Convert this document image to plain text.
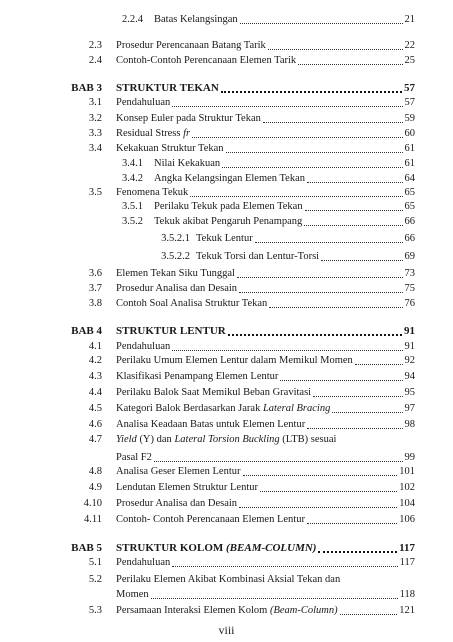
2.2.4 Batas Kelangsingan	21
2.3 Prosedur Perencanaan Batang Tarik	22
2.4 Contoh-Contoh Perencanaan Elemen Tarik	25
BAB 3 STRUKTUR TEKAN	57
3.1 Pendahuluan	57
3.2 Konsep Euler pada Struktur Tekan	59
3.3 Residual Stress fr	60
3.4 Kekakuan Struktur Tekan	61
3.4.1 Nilai Kekakuan	61
3.4.2 Angka Kelangsingan Elemen Tekan	64
3.5 Fenomena Tekuk	65
3.5.1 Perilaku Tekuk pada Elemen Tekan	65
3.5.2 Tekuk akibat Pengaruh Penampang	66
3.5.2.1 Tekuk Lentur	66
3.5.2.2 Tekuk Torsi dan Lentur-Torsi	69
3.6 Elemen Tekan Siku Tunggal	73
3.7 Prosedur Analisa dan Desain	75
3.8 Contoh Soal Analisa Struktur Tekan	76
BAB 4 STRUKTUR LENTUR	91
4.1 Pendahuluan	91
4.2 Perilaku Umum Elemen Lentur dalam Memikul Momen	92
4.3 Klasifikasi Penampang Elemen Lentur	94
4.4 Perilaku Balok Saat Memikul Beban Gravitasi	95
4.5 Kategori Balok Berdasarkan Jarak Lateral Bracing	97
4.6 Analisa Keadaan Batas untuk Elemen Lentur	98
4.7 Yield (Y) dan Lateral Torsion Buckling (LTB) sesuai
Pasal F2	99
4.8 Analisa Geser Elemen Lentur	101
4.9 Lendutan Elemen Struktur Lentur	102
4.10 Prosedur Analisa dan Desain	104
4.11 Contoh- Contoh Perencanaan Elemen Lentur	106
BAB 5 STRUKTUR KOLOM (BEAM-COLUMN)	117
5.1 Pendahuluan	117
5.2 Perilaku Elemen Akibat Kombinasi Aksial Tekan dan
Momen	118
5.3 Persamaan Interaksi Elemen Kolom (Beam-Column)	121
viii
